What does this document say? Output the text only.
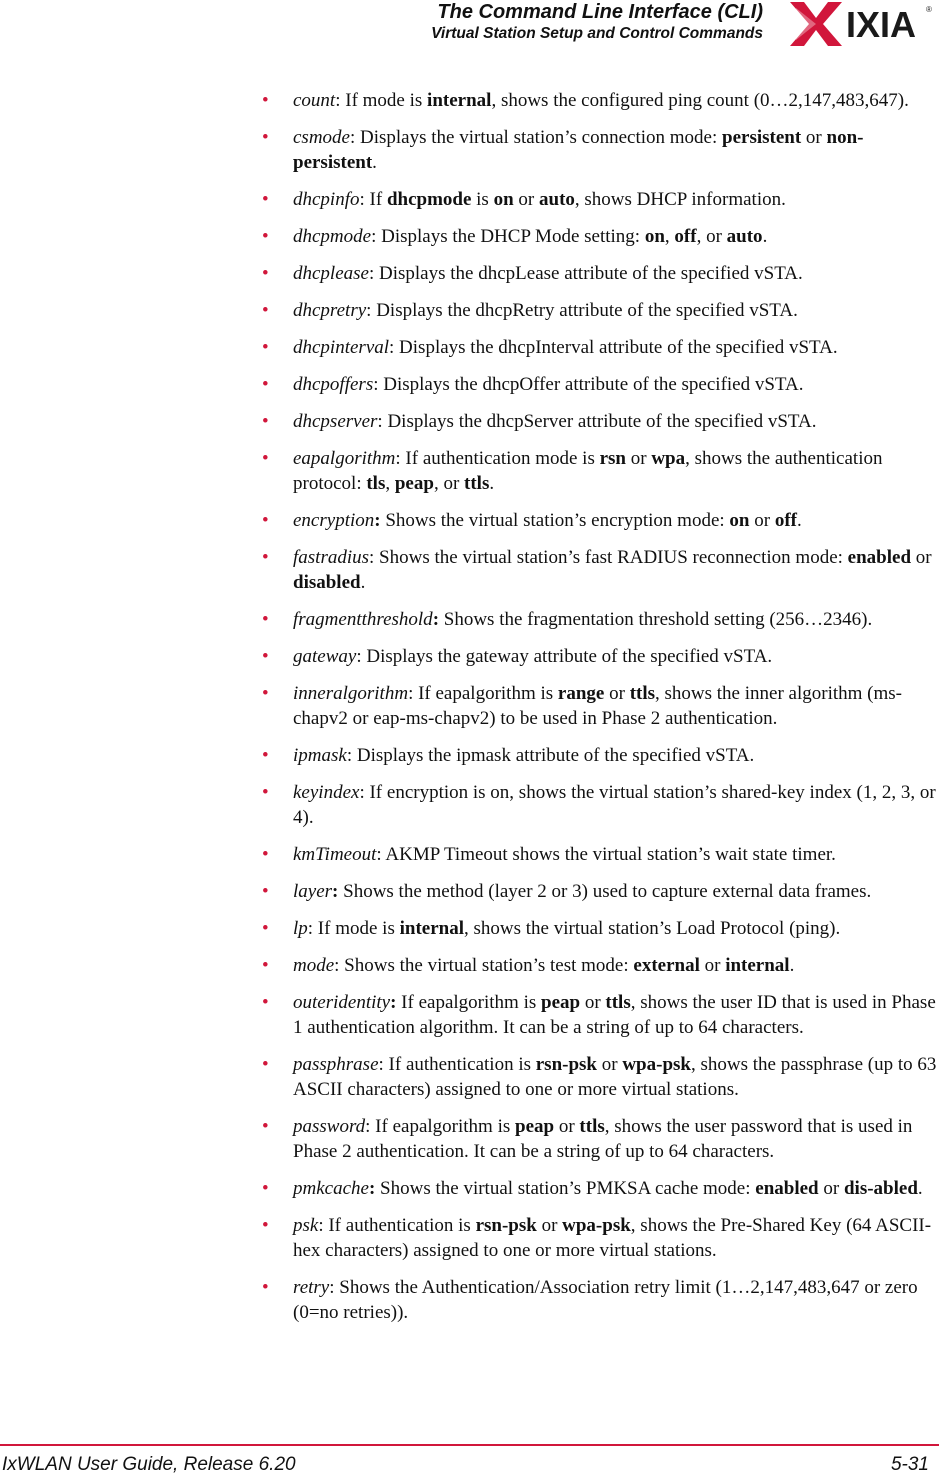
The Command Line Interface (CLI)
Virtual Station Setup and Control Commands IXIA ®
• count: If mode is internal, shows the configured ping count (0…2,147,483,647).
• csmode: Displays the virtual station’s connection mode: persistent or non-persistent.
• dhcpinfo: If dhcpmode is on or auto, shows DHCP information.
• dhcpmode: Displays the DHCP Mode setting: on, off, or auto.
• dhcplease: Displays the dhcpLease attribute of the specified vSTA.
• dhcpretry: Displays the dhcpRetry attribute of the specified vSTA.
• dhcpinterval: Displays the dhcpInterval attribute of the specified vSTA.
• dhcpoffers: Displays the dhcpOffer attribute of the specified vSTA.
• dhcpserver: Displays the dhcpServer attribute of the specified vSTA.
• eapalgorithm: If authentication mode is rsn or wpa, shows the authentication protocol: tls, peap, or ttls.
• encryption: Shows the virtual station’s encryption mode: on or off.
• fastradius: Shows the virtual station’s fast RADIUS reconnection mode: enabled or disabled.
• fragmentthreshold: Shows the fragmentation threshold setting (256…2346).
• gateway: Displays the gateway attribute of the specified vSTA.
• inneralgorithm: If eapalgorithm is range or ttls, shows the inner algorithm (ms-chapv2 or eap-ms-chapv2) to be used in Phase 2 authentication.
• ipmask: Displays the ipmask attribute of the specified vSTA.
• keyindex: If encryption is on, shows the virtual station’s shared-key index (1, 2, 3, or 4).
• kmTimeout: AKMP Timeout shows the virtual station’s wait state timer.
• layer: Shows the method (layer 2 or 3) used to capture external data frames.
• lp: If mode is internal, shows the virtual station’s Load Protocol (ping).
• mode: Shows the virtual station’s test mode: external or internal.
• outeridentity: If eapalgorithm is peap or ttls, shows the user ID that is used in Phase 1 authentication algorithm. It can be a string of up to 64 characters.
• passphrase: If authentication is rsn-psk or wpa-psk, shows the passphrase (up to 63 ASCII characters) assigned to one or more virtual stations.
• password: If eapalgorithm is peap or ttls, shows the user password that is used in Phase 2 authentication. It can be a string of up to 64 characters.
• pmkcache: Shows the virtual station’s PMKSA cache mode: enabled or dis-abled.
• psk: If authentication is rsn-psk or wpa-psk, shows the Pre-Shared Key (64 ASCII-hex characters) assigned to one or more virtual stations.
• retry: Shows the Authentication/Association retry limit (1…2,147,483,647 or zero (0=no retries)).
IxWLAN User Guide, Release 6.20	5-31
